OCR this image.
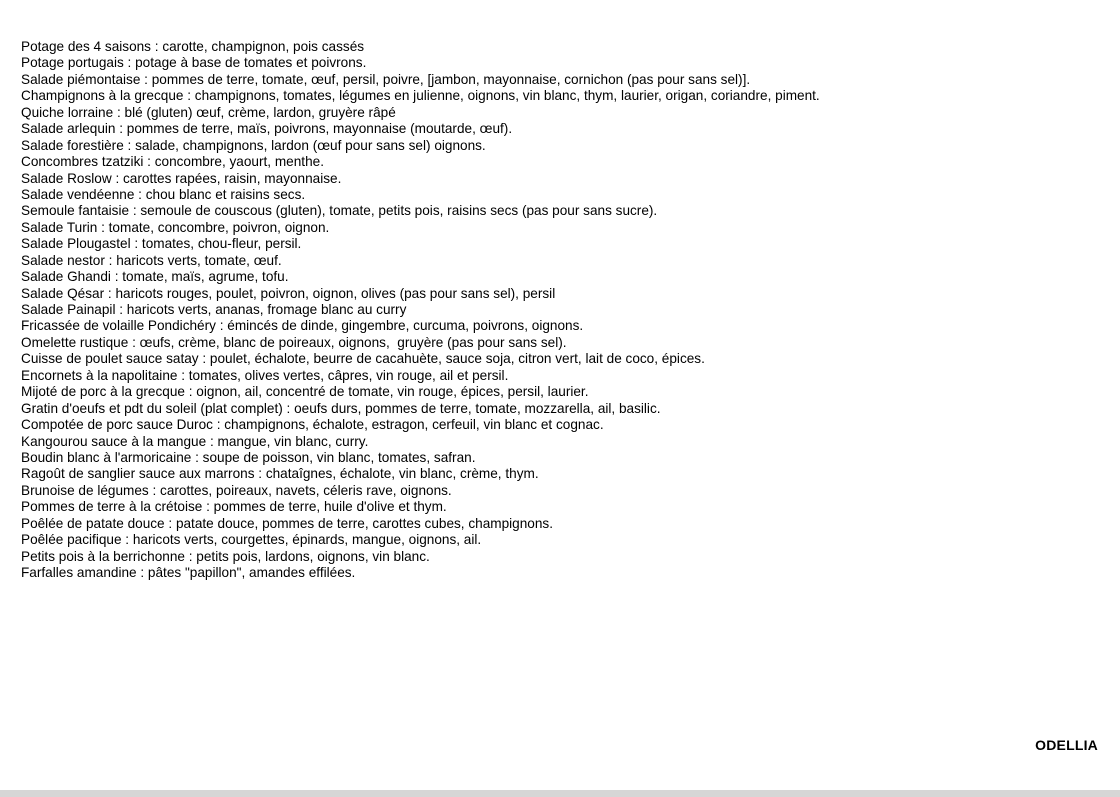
Potage des 4 saisons : carotte, champignon, pois cassés
Potage portugais : potage à base de tomates et poivrons.
Salade piémontaise : pommes de terre, tomate, œuf, persil, poivre, [jambon, mayonnaise, cornichon (pas pour sans sel)].
Champignons à la grecque : champignons, tomates, légumes en julienne, oignons, vin blanc, thym, laurier, origan, coriandre, piment.
Quiche lorraine : blé (gluten) œuf, crème, lardon, gruyère râpé
Salade arlequin : pommes de terre, maïs, poivrons, mayonnaise (moutarde, œuf).
Salade forestière : salade, champignons, lardon (œuf pour sans sel) oignons.
Concombres tzatziki : concombre, yaourt, menthe.
Salade Roslow : carottes rapées, raisin, mayonnaise.
Salade vendéenne : chou blanc et raisins secs.
Semoule fantaisie : semoule de couscous (gluten), tomate, petits pois, raisins secs (pas pour sans sucre).
Salade Turin : tomate, concombre, poivron, oignon.
Salade Plougastel : tomates, chou-fleur, persil.
Salade nestor : haricots verts, tomate, œuf.
Salade Ghandi : tomate, maïs, agrume, tofu.
Salade Qésar : haricots rouges, poulet, poivron, oignon, olives (pas pour sans sel), persil
Salade Painapil : haricots verts, ananas, fromage blanc au curry
Fricassée de volaille Pondichéry : émincés de dinde, gingembre, curcuma, poivrons, oignons.
Omelette rustique : œufs, crème, blanc de poireaux, oignons,  gruyère (pas pour sans sel).
Cuisse de poulet sauce satay : poulet, échalote, beurre de cacahuète, sauce soja, citron vert, lait de coco, épices.
Encornets à la napolitaine : tomates, olives vertes, câpres, vin rouge, ail et persil.
Mijoté de porc à la grecque : oignon, ail, concentré de tomate, vin rouge, épices, persil, laurier.
Gratin d'oeufs et pdt du soleil (plat complet) : oeufs durs, pommes de terre, tomate, mozzarella, ail, basilic.
Compotée de porc sauce Duroc : champignons, échalote, estragon, cerfeuil, vin blanc et cognac.
Kangourou sauce à la mangue : mangue, vin blanc, curry.
Boudin blanc à l'armoricaine : soupe de poisson, vin blanc, tomates, safran.
Ragoût de sanglier sauce aux marrons : chataîgnes, échalote, vin blanc, crème, thym.
Brunoise de légumes : carottes, poireaux, navets, céleris rave, oignons.
Pommes de terre à la crétoise : pommes de terre, huile d'olive et thym.
Poêlée de patate douce : patate douce, pommes de terre, carottes cubes, champignons.
Poêlée pacifique : haricots verts, courgettes, épinards, mangue, oignons, ail.
Petits pois à la berrichonne : petits pois, lardons, oignons, vin blanc.
Farfalles amandine : pâtes "papillon", amandes effilées.
ODELLIA
